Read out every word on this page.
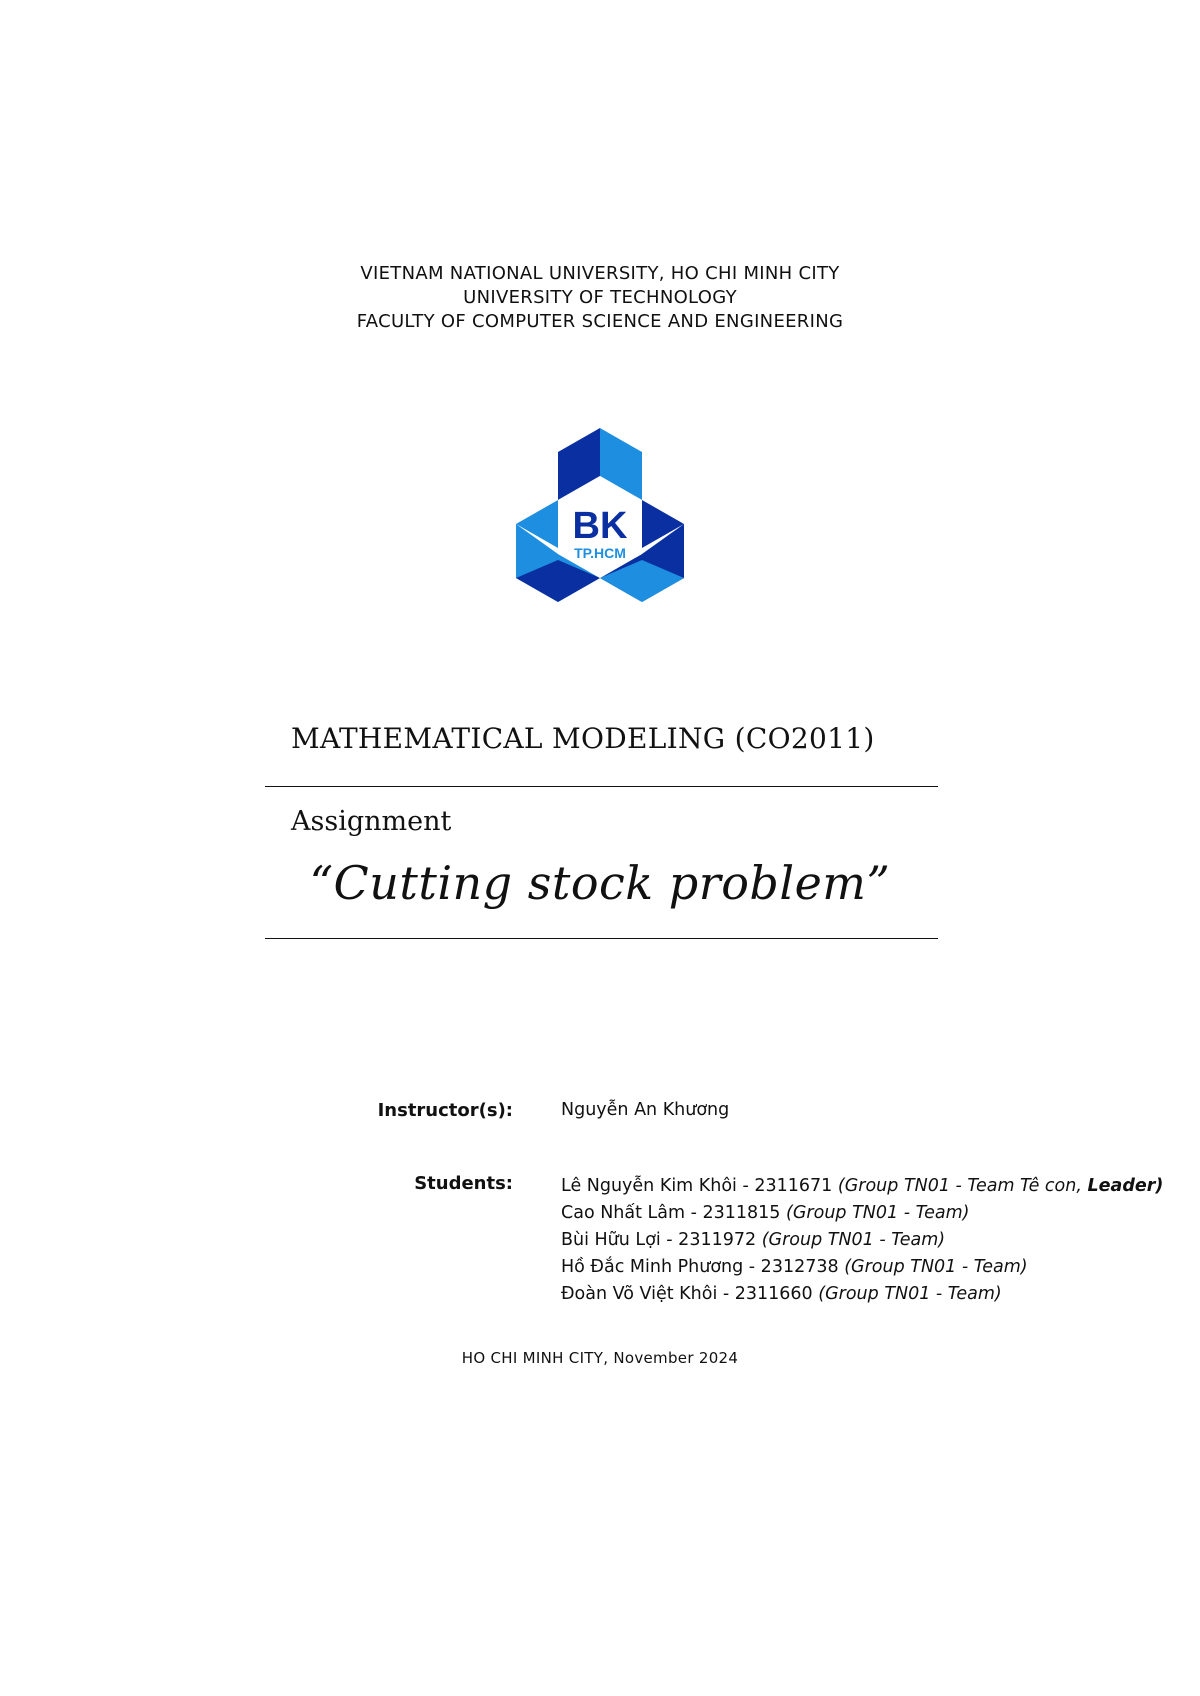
VIETNAM NATIONAL UNIVERSITY, HO CHI MINH CITY
UNIVERSITY OF TECHNOLOGY
FACULTY OF COMPUTER SCIENCE AND ENGINEERING
BK
TP.HCM
MATHEMATICAL MODELING (CO2011)
Assignment
“Cutting stock problem”
Instructor(s):	Nguyễn An Khương
Students:	Lê Nguyễn Kim Khôi - 2311671 (Group TN01 - Team Tê con, Leader)
Cao Nhất Lâm - 2311815 (Group TN01 - Team)
Bùi Hữu Lợi - 2311972 (Group TN01 - Team)
Hồ Đắc Minh Phương - 2312738 (Group TN01 - Team)
Đoàn Võ Việt Khôi - 2311660 (Group TN01 - Team)
HO CHI MINH CITY, November 2024
